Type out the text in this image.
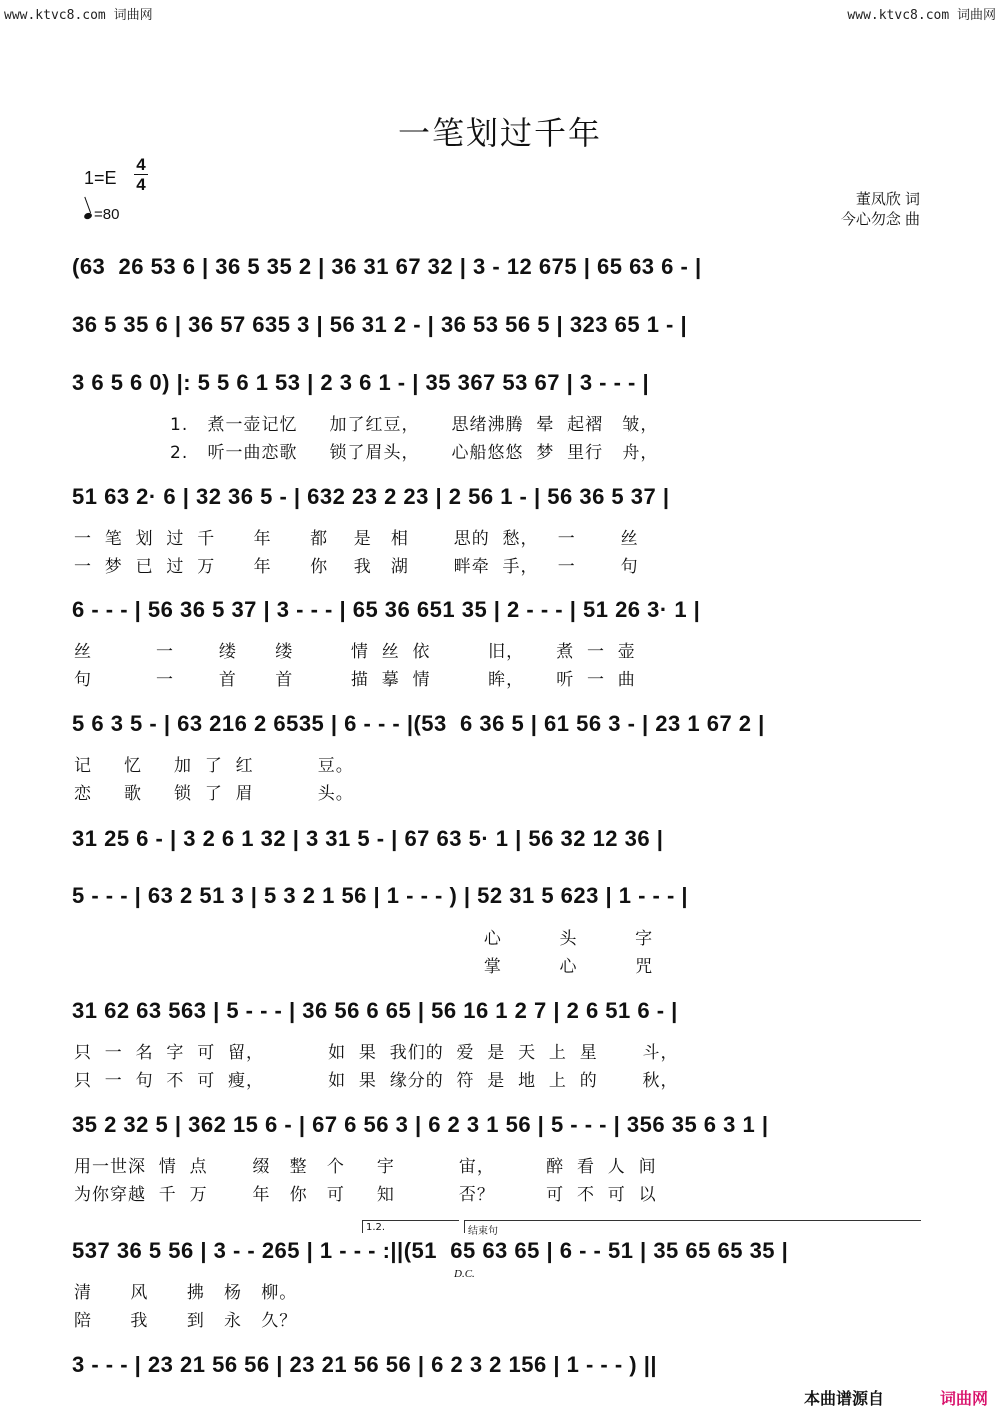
www.ktvc8.com 词曲网	www.ktvc8.com 词曲网
一笔划过千年
1=E
4
4
=80
董凤欣 词
今心勿念 曲
(63  26 53 6 | 36 5 35 2 | 36 31 67 32 | 3 - 12 675 | 65 63 6 - |
36 5 35 6 | 36 57 635 3 | 56 31 2 - | 36 53 56 5 | 323 65 1 - |
3 6 5 6 0) |: 5 5 6 1 53 | 2 3 6 1 - | 35 367 53 67 | 3 - - - |
1.   煮一壶记忆     加了红豆，     思绪沸腾  晕  起褶   皱，
2.   听一曲恋歌     锁了眉头，     心船悠悠  梦  里行   舟，
51 63 2· 6 | 32 36 5 - | 632 23 2 23 | 2 56 1 - | 56 36 5 37 |
一  笔  划  过  千      年      都    是   相       思的  愁，   一       丝
一  梦  已  过  万      年      你    我   湖       畔牵  手，   一       句
6 - - - | 56 36 5 37 | 3 - - - | 65 36 651 35 | 2 - - - | 51 26 3· 1 |
丝          一       缕      缕         情  丝  依         旧，     煮  一  壶
句          一       首      首         描  摹  情         眸，     听  一  曲
5 6 3 5 - | 63 216 2 6535 | 6 - - - |(53  6 36 5 | 61 56 3 - | 23 1 67 2 |
记     忆     加  了  红          豆。
恋     歌     锁  了  眉          头。
31 25 6 - | 3 2 6 1 32 | 3 31 5 - | 67 63 5· 1 | 56 32 12 36 |
5 - - - | 63 2 51 3 | 5 3 2 1 56 | 1 - - - ) | 52 31 5 623 | 1 - - - |
心         头         字
掌         心         咒
31 62 63 563 | 5 - - - | 36 56 6 65 | 56 16 1 2 7 | 2 6 51 6 - |
只  一  名  字  可  留，          如  果  我们的  爱  是  天  上  星       斗，
只  一  句  不  可  瘦，          如  果  缘分的  符  是  地  上  的       秋，
35 2 32 5 | 362 15 6 - | 67 6 56 3 | 6 2 3 1 56 | 5 - - - | 356 35 6 3 1 |
用一世深  情  点       缀   整   个     宇          宙，        醉  看  人  间
为你穿越  千  万       年   你   可     知          否？        可  不  可  以
1.2.	结束句
537 36 5 56 | 3 - - 265 | 1 - - - :||(51  65 63 65 | 6 - - 51 | 35 65 65 35 |
D.C.
清      风      拂   杨   柳。
陪      我      到   永   久？
3 - - - | 23 21 56 56 | 23 21 56 56 | 6 2 3 2 156 | 1 - - - ) ||
本曲谱源自	词曲网
